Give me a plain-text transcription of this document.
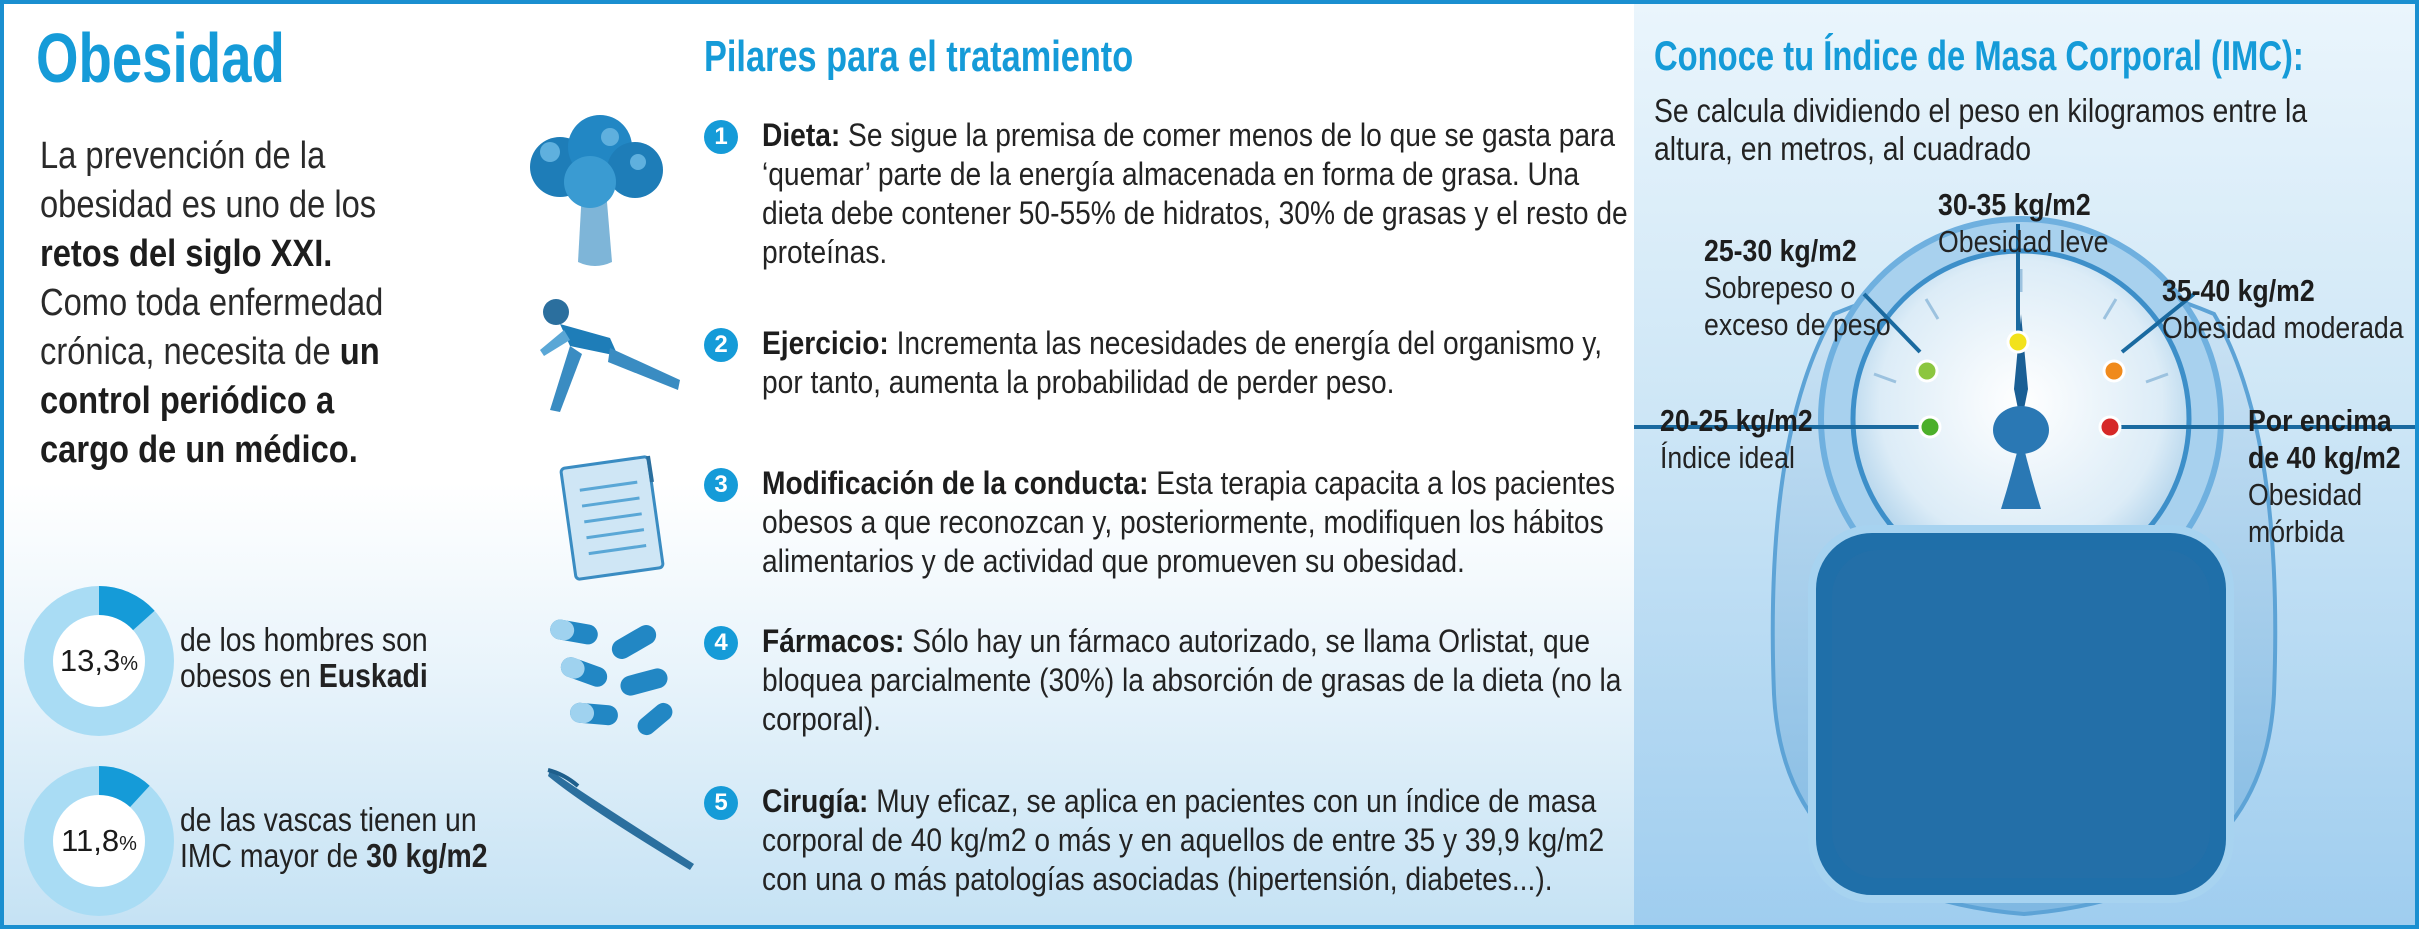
Obesidad

La prevención de la

obesidad es uno de los

retos del siglo XXI.

Como toda enfermedad

crónica, necesita de un

control periódico a

cargo de un médico.

13,3 %
de los hombres son
obesos en Euskadi
11,8 %
de las vascas tienen un
IMC mayor de 30 kg/m2
Pilares para el tratamiento
1	Dieta: Se sigue la premisa de comer menos de lo que se gasta para
‘quemar’ parte de la energía almacenada en forma de grasa. Una
dieta debe contener 50-55% de hidratos, 30% de grasas y el resto de
proteínas.
2	Ejercicio: Incrementa las necesidades de energía del organismo y,
por tanto, aumenta la probabilidad de perder peso.
3	Modificación de la conducta: Esta terapia capacita a los pacientes
obesos a que reconozcan y, posteriormente, modifiquen los hábitos
alimentarios y de actividad que promueven su obesidad.
4	Fármacos: Sólo hay un fármaco autorizado, se llama Orlistat, que
bloquea parcialmente (30%) la absorción de grasas de la dieta (no la
corporal).
5	Cirugía: Muy eficaz, se aplica en pacientes con un índice de masa
corporal de 40 kg/m2 o más y en aquellos de entre 35 y 39,9 kg/m2
con una o más patologías asociadas (hipertensión, diabetes...).
Conoce tu Índice de Masa Corporal (IMC):
Se calcula dividiendo el peso en kilogramos entre la
altura, en metros, al cuadrado
20-25 kg/m2
Índice ideal
25-30 kg/m2
Sobrepeso o
exceso de peso
30-35 kg/m2
Obesidad leve
35-40 kg/m2
Obesidad moderada
Por encima
de 40 kg/m2
Obesidad
mórbida
